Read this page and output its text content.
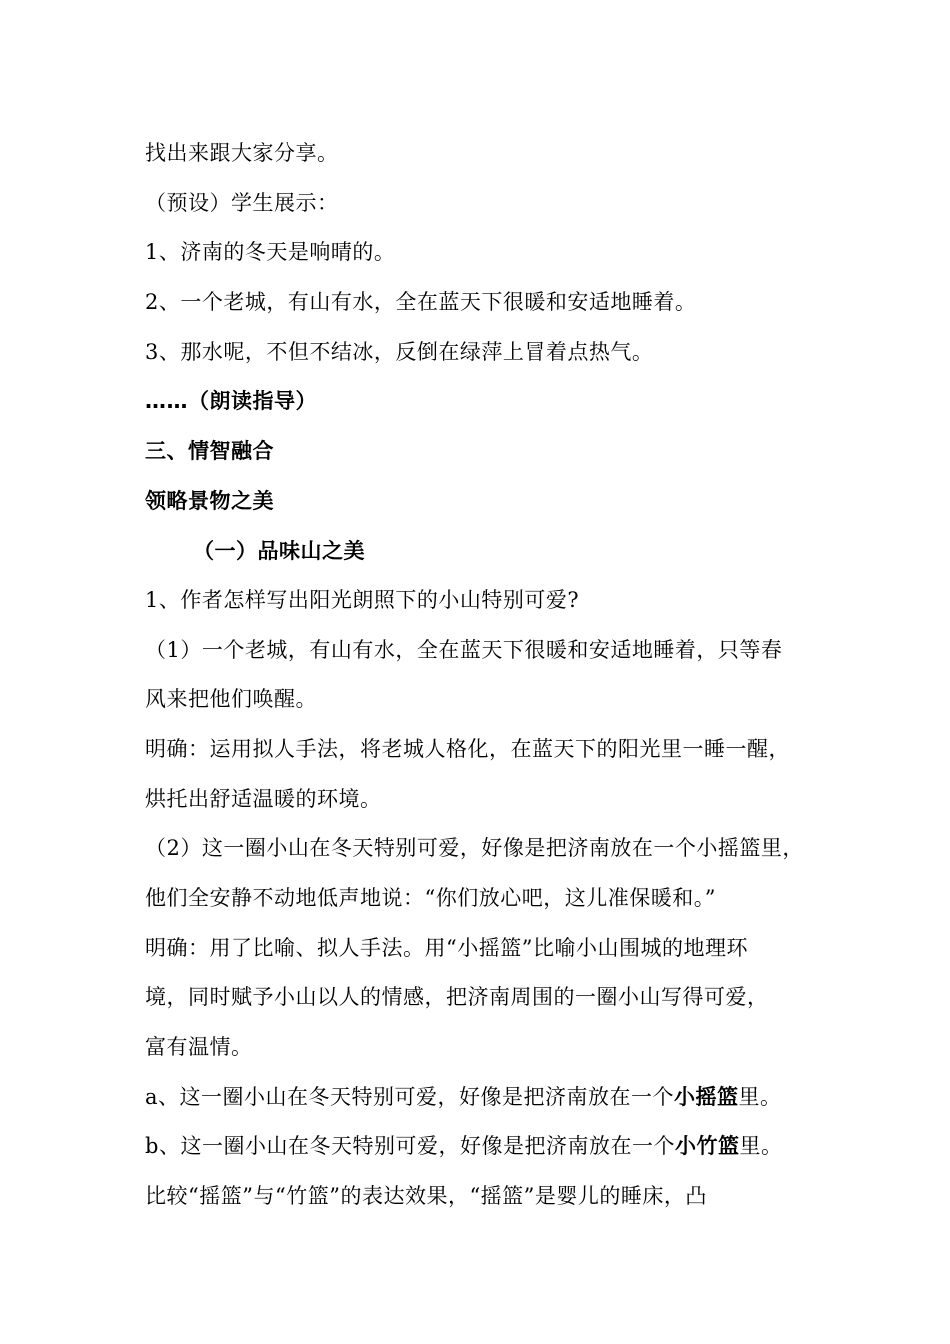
找出来跟大家分享。
（预设）学生展示：
1、济南的冬天是响晴的。
2、一个老城，有山有水，全在蓝天下很暖和安适地睡着。
3、那水呢，不但不结冰，反倒在绿萍上冒着点热气。
……（朗读指导）
三、情智融合
领略景物之美
（一）品味山之美
1、作者怎样写出阳光朗照下的小山特别可爱?
（1）一个老城，有山有水，全在蓝天下很暖和安适地睡着，只等春
风来把他们唤醒。
明确：运用拟人手法，将老城人格化，在蓝天下的阳光里一睡一醒，
烘托出舒适温暖的环境。
（2）这一圈小山在冬天特别可爱，好像是把济南放在一个小摇篮里，
他们全安静不动地低声地说：“你们放心吧，这儿准保暖和。”
明确：用了比喻、拟人手法。用“小摇篮”比喻小山围城的地理环
境，同时赋予小山以人的情感，把济南周围的一圈小山写得可爱，
富有温情。
a、这一圈小山在冬天特别可爱，好像是把济南放在一个小摇篮里。
b、这一圈小山在冬天特别可爱，好像是把济南放在一个小竹篮里。
比较“摇篮”与“竹篮”的表达效果，“摇篮”是婴儿的睡床，凸
